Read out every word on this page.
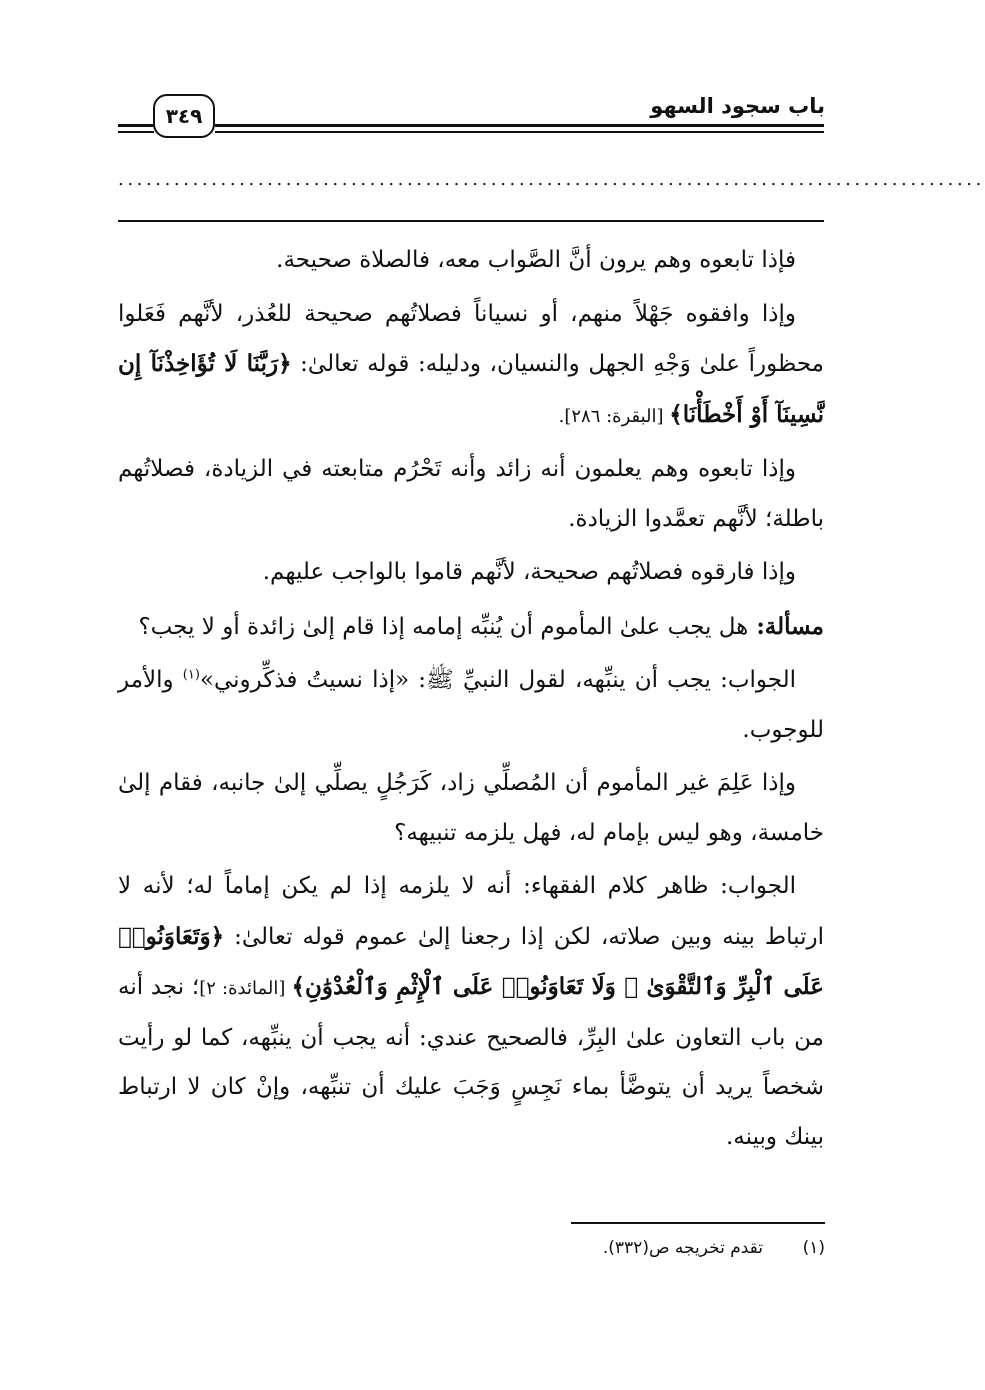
باب سجود السهو
٣٤٩
.............................................................................................

فإذا تابعوه وهم يرون أنَّ الصَّواب معه، فالصلاة صحيحة.

وإذا وافقوه جَهْلاً منهم، أو نسياناً فصلاتُهم صحيحة للعُذر، لأنَّهم فَعَلوا محظوراً علىٰ وَجْهِ الجهل والنسيان، ودليله: قوله تعالىٰ: ﴿رَبَّنَا لَا تُؤَاخِذْنَآ إِن نَّسِينَآ أَوْ أَخْطَأْنَا﴾ [البقرة: ٢٨٦].

وإذا تابعوه وهم يعلمون أنه زائد وأنه تَحْرُم متابعته في الزيادة، فصلاتُهم باطلة؛ لأنَّهم تعمَّدوا الزيادة.

وإذا فارقوه فصلاتُهم صحيحة، لأنَّهم قاموا بالواجب عليهم.

مسألة: هل يجب علىٰ المأموم أن يُنبِّه إمامه إذا قام إلىٰ زائدة أو لا يجب؟

الجواب: يجب أن ينبِّهه، لقول النبيِّ ﷺ: «إذا نسيتُ فذكِّروني»$^{(١)}$ والأمر للوجوب.

وإذا عَلِمَ غير المأموم أن المُصلِّي زاد، كَرَجُلٍ يصلِّي إلىٰ جانبه، فقام إلىٰ خامسة، وهو ليس بإمام له، فهل يلزمه تنبيهه؟

الجواب: ظاهر كلام الفقهاء: أنه لا يلزمه إذا لم يكن إماماً له؛ لأنه لا ارتباط بينه وبين صلاته، لكن إذا رجعنا إلىٰ عموم قوله تعالىٰ: ﴿وَتَعَاوَنُوا۟ عَلَى ٱلْبِرِّ وَٱلتَّقْوَىٰ ۖ وَلَا تَعَاوَنُوا۟ عَلَى ٱلْإِثْمِ وَٱلْعُدْوَٰنِ﴾ [المائدة: ٢]؛ نجد أنه من باب التعاون علىٰ البِرِّ، فالصحيح عندي: أنه يجب أن ينبِّهه، كما لو رأيت شخصاً يريد أن يتوضَّأ بماء نَجِسٍ وَجَبَ عليك أن تنبِّهه، وإنْ كان لا ارتباط بينك وبينه.

(١)تقدم تخريجه ص(٣٣٢).
